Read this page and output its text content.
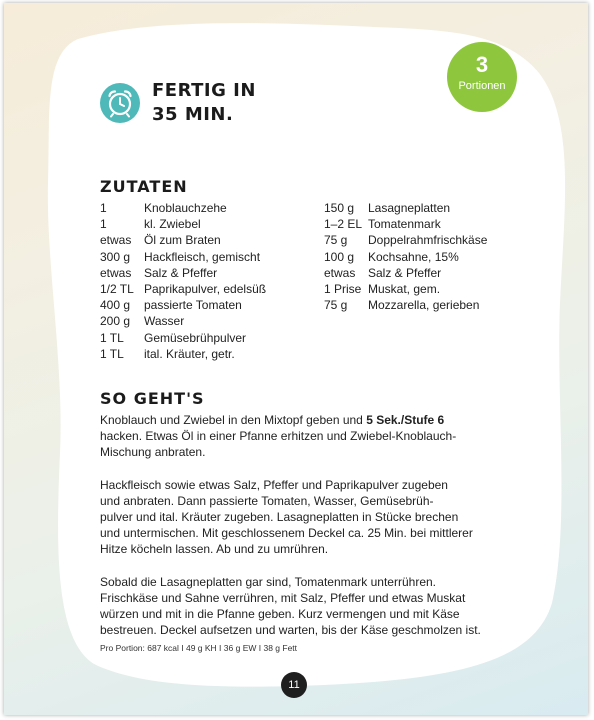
FERTIG IN
35 MIN.
3
Portionen
ZUTATEN
1	Knoblauchzehe
1	kl. Zwiebel
etwas	Öl zum Braten
300 g	Hackfleisch, gemischt
etwas	Salz & Pfeffer
1/2 TL Paprikapulver, edelsüß
400 g	passierte Tomaten
200 g	Wasser
1 TL	Gemüsebrühpulver
1 TL	ital. Kräuter, getr.
150 g	Lasagneplatten
1–2 EL Tomatenmark
75 g	Doppelrahmfrischkäse
100 g	Kochsahne, 15%
etwas	Salz & Pfeffer
1 Prise Muskat, gem.
75 g	Mozzarella, gerieben
SO GEHT'S

Knoblauch und Zwiebel in den Mixtopf geben und 5 Sek./Stufe 6
hacken. Etwas Öl in einer Pfanne erhitzen und Zwiebel-Knoblauch-
Mischung anbraten.

Hackfleisch sowie etwas Salz, Pfeffer und Paprikapulver zugeben
und anbraten. Dann passierte Tomaten, Wasser, Gemüsebrüh-
pulver und ital. Kräuter zugeben. Lasagneplatten in Stücke brechen
und untermischen. Mit geschlossenem Deckel ca. 25 Min. bei mittlerer
Hitze köcheln lassen. Ab und zu umrühren.

Sobald die Lasagneplatten gar sind, Tomatenmark unterrühren.
Frischkäse und Sahne verrühren, mit Salz, Pfeffer und etwas Muskat
würzen und mit in die Pfanne geben. Kurz vermengen und mit Käse
bestreuen. Deckel aufsetzen und warten, bis der Käse geschmolzen ist.

Pro Portion: 687 kcal I 49 g KH I 36 g EW I 38 g Fett
11
